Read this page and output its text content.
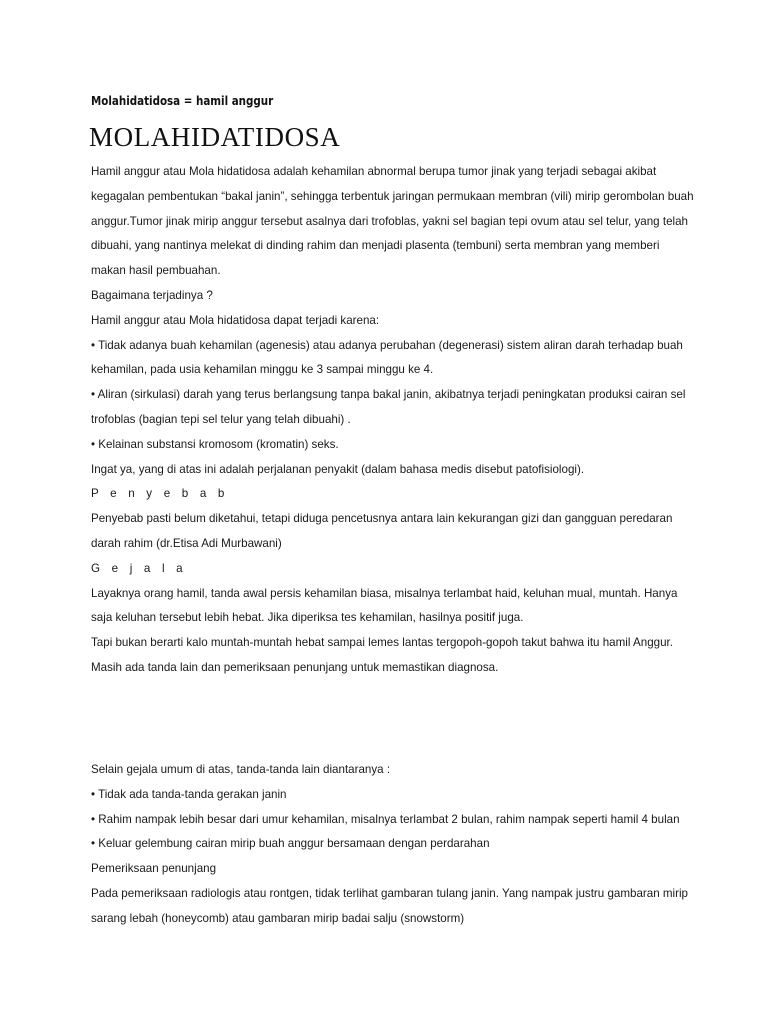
Molahidatidosa = hamil anggur
MOLAHIDATIDOSA
Hamil anggur atau Mola hidatidosa adalah kehamilan abnormal berupa tumor jinak yang terjadi sebagai akibat
kegagalan pembentukan “bakal janin”, sehingga terbentuk jaringan permukaan membran (vili) mirip gerombolan buah
anggur.Tumor jinak mirip anggur tersebut asalnya dari trofoblas, yakni sel bagian tepi ovum atau sel telur, yang telah
dibuahi, yang nantinya melekat di dinding rahim dan menjadi plasenta (tembuni) serta membran yang memberi
makan hasil pembuahan.
Bagaimana terjadinya ?
Hamil anggur atau Mola hidatidosa dapat terjadi karena:
• Tidak adanya buah kehamilan (agenesis) atau adanya perubahan (degenerasi) sistem aliran darah terhadap buah
kehamilan, pada usia kehamilan minggu ke 3 sampai minggu ke 4.
• Aliran (sirkulasi) darah yang terus berlangsung tanpa bakal janin, akibatnya terjadi peningkatan produksi cairan sel
trofoblas (bagian tepi sel telur yang telah dibuahi) .
• Kelainan substansi kromosom (kromatin) seks.
Ingat ya, yang di atas ini adalah perjalanan penyakit (dalam bahasa medis disebut patofisiologi).
P e n y e b a b
Penyebab pasti belum diketahui, tetapi diduga pencetusnya antara lain kekurangan gizi dan gangguan peredaran
darah rahim (dr.Etisa Adi Murbawani)
G e j a l a
Layaknya orang hamil, tanda awal persis kehamilan biasa, misalnya terlambat haid, keluhan mual, muntah. Hanya
saja keluhan tersebut lebih hebat. Jika diperiksa tes kehamilan, hasilnya positif juga.
Tapi bukan berarti kalo muntah-muntah hebat sampai lemes lantas tergopoh-gopoh takut bahwa itu hamil Anggur.
Masih ada tanda lain dan pemeriksaan penunjang untuk memastikan diagnosa.
Selain gejala umum di atas, tanda-tanda lain diantaranya :
• Tidak ada tanda-tanda gerakan janin
• Rahim nampak lebih besar dari umur kehamilan, misalnya terlambat 2 bulan, rahim nampak seperti hamil 4 bulan
• Keluar gelembung cairan mirip buah anggur bersamaan dengan perdarahan
Pemeriksaan penunjang
Pada pemeriksaan radiologis atau rontgen, tidak terlihat gambaran tulang janin. Yang nampak justru gambaran mirip
sarang lebah (honeycomb) atau gambaran mirip badai salju (snowstorm)
